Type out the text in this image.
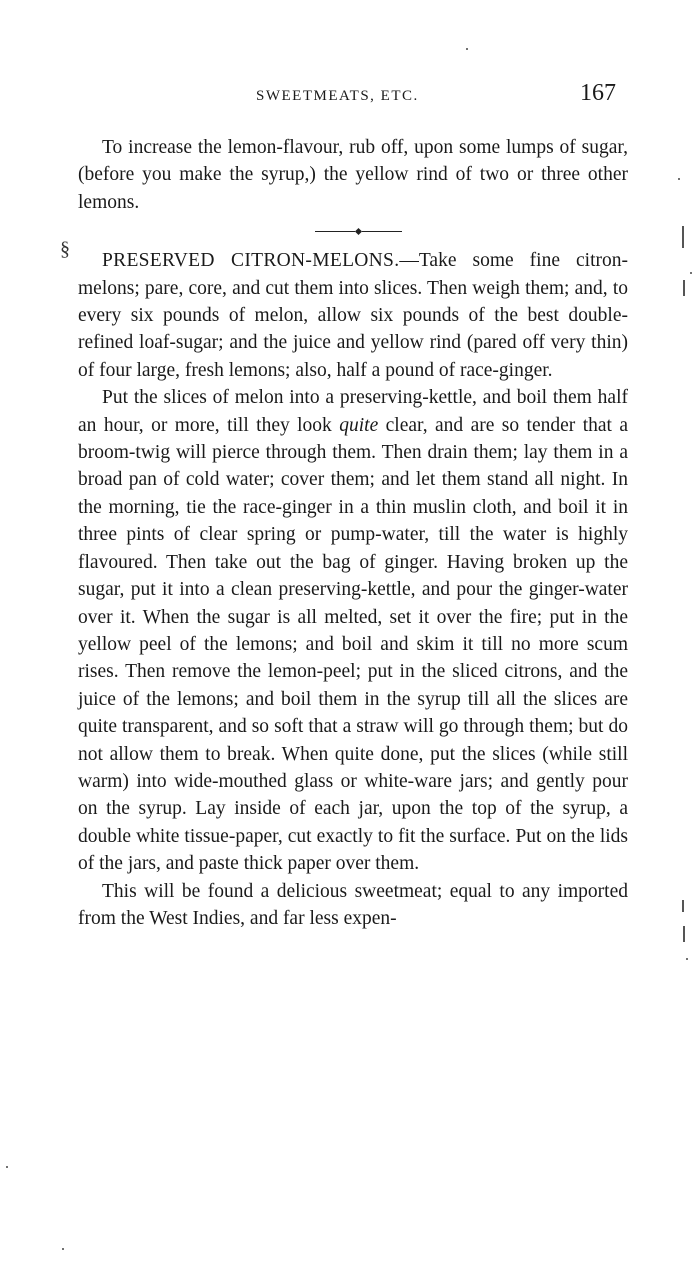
SWEETMEATS, ETC.	167
§

To increase the lemon-flavour, rub off, upon some lumps of sugar, (before you make the syrup,) the yellow rind of two or three other lemons.

PRESERVED CITRON-MELONS.—Take some fine citron-melons; pare, core, and cut them into slices. Then weigh them; and, to every six pounds of melon, allow six pounds of the best double-refined loaf-sugar; and the juice and yellow rind (pared off very thin) of four large, fresh lemons; also, half a pound of race-ginger.

Put the slices of melon into a preserving-kettle, and boil them half an hour, or more, till they look quite clear, and are so tender that a broom-twig will pierce through them. Then drain them; lay them in a broad pan of cold water; cover them; and let them stand all night. In the morning, tie the race-ginger in a thin muslin cloth, and boil it in three pints of clear spring or pump-water, till the water is highly flavoured. Then take out the bag of ginger. Having broken up the sugar, put it into a clean preserving-kettle, and pour the ginger-water over it. When the sugar is all melted, set it over the fire; put in the yellow peel of the lemons; and boil and skim it till no more scum rises. Then remove the lemon-peel; put in the sliced citrons, and the juice of the lemons; and boil them in the syrup till all the slices are quite transparent, and so soft that a straw will go through them; but do not allow them to break. When quite done, put the slices (while still warm) into wide-mouthed glass or white-ware jars; and gently pour on the syrup. Lay inside of each jar, upon the top of the syrup, a double white tissue-paper, cut exactly to fit the surface. Put on the lids of the jars, and paste thick paper over them.

This will be found a delicious sweetmeat; equal to any imported from the West Indies, and far less expen-
